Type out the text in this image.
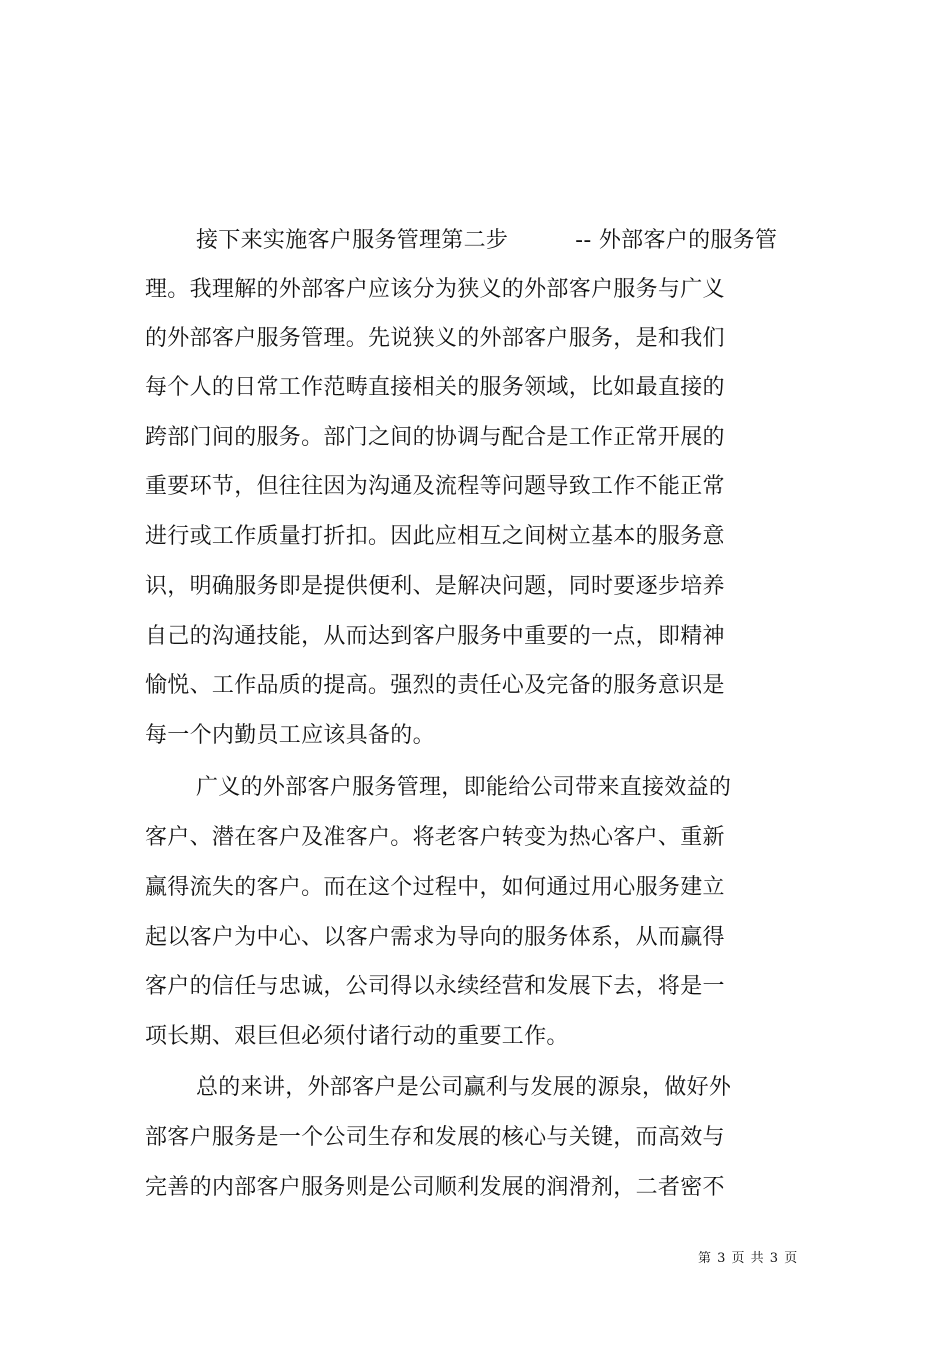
接下来实施客户服务管理第二步　　　-- 外部客户的服务管
理。我理解的外部客户应该分为狭义的外部客户服务与广义
的外部客户服务管理。先说狭义的外部客户服务，是和我们
每个人的日常工作范畴直接相关的服务领域，比如最直接的
跨部门间的服务。部门之间的协调与配合是工作正常开展的
重要环节，但往往因为沟通及流程等问题导致工作不能正常
进行或工作质量打折扣。因此应相互之间树立基本的服务意
识，明确服务即是提供便利、是解决问题，同时要逐步培养
自己的沟通技能，从而达到客户服务中重要的一点，即精神
愉悦、工作品质的提高。强烈的责任心及完备的服务意识是
每一个内勤员工应该具备的。
广义的外部客户服务管理，即能给公司带来直接效益的
客户、潜在客户及准客户。将老客户转变为热心客户、重新
赢得流失的客户。而在这个过程中，如何通过用心服务建立
起以客户为中心、以客户需求为导向的服务体系，从而赢得
客户的信任与忠诚，公司得以永续经营和发展下去，将是一
项长期、艰巨但必须付诸行动的重要工作。
总的来讲，外部客户是公司赢利与发展的源泉，做好外
部客户服务是一个公司生存和发展的核心与关键，而高效与
完善的内部客户服务则是公司顺利发展的润滑剂，二者密不
第 3 页 共 3 页
